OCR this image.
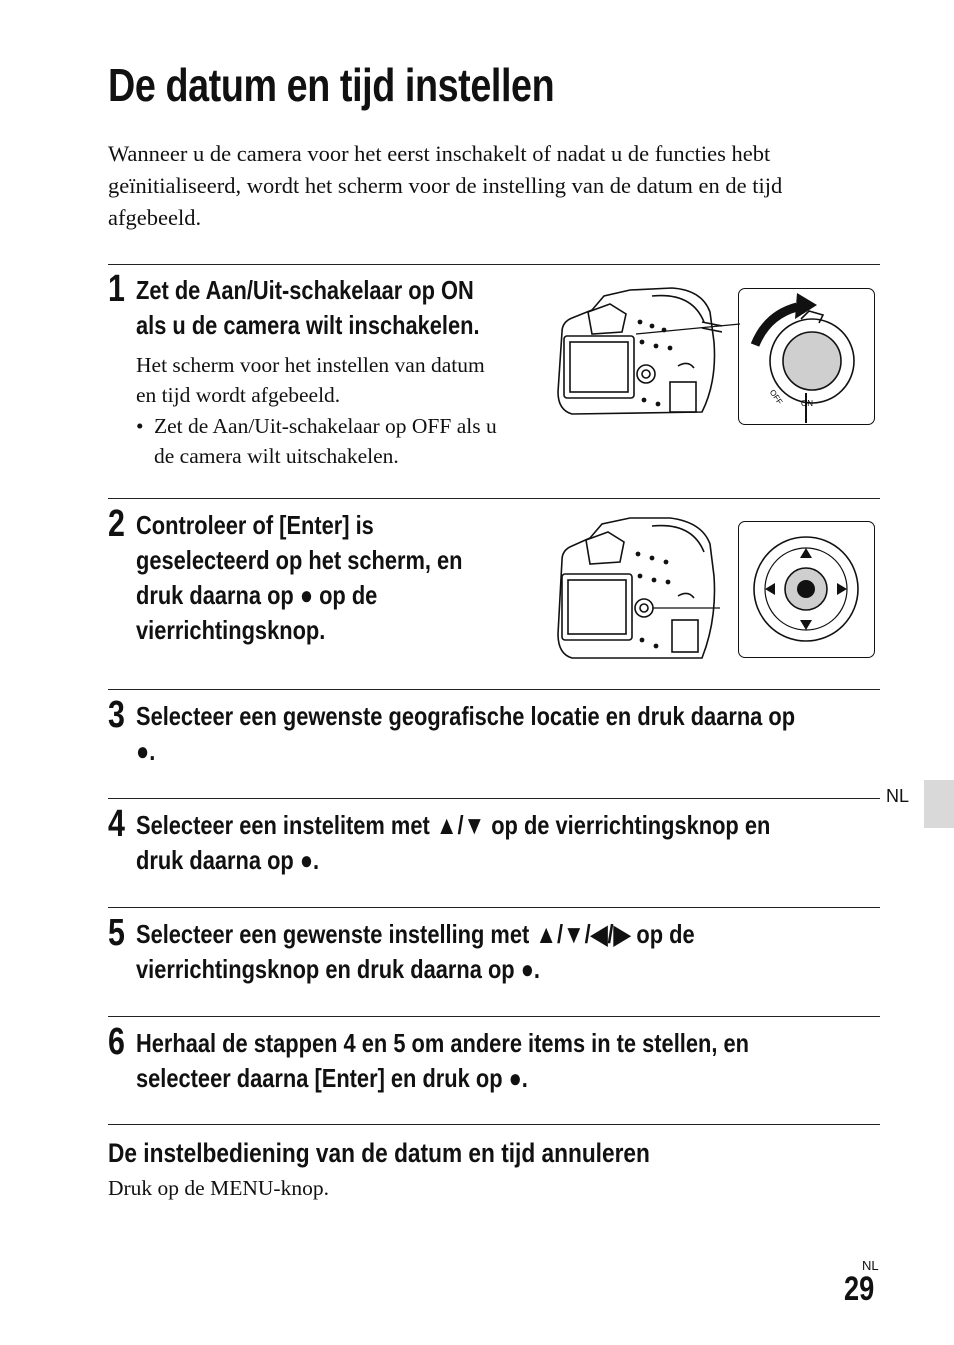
De datum en tijd instellen
Wanneer u de camera voor het eerst inschakelt of nadat u de functies hebt
geïnitialiseerd, wordt het scherm voor de instelling van de datum en de tijd
afgebeeld.
1 Zet de Aan/Uit-schakelaar op ON
als u de camera wilt inschakelen.
Het scherm voor het instellen van datum
en tijd wordt afgebeeld.
• Zet de Aan/Uit-schakelaar op OFF als u
de camera wilt uitschakelen.
OFF ON
2 Controleer of [Enter] is
geselecteerd op het scherm, en
druk daarna op ● op de
vierrichtingsknop.
3 Selecteer een gewenste geografische locatie en druk daarna op
●.
4 Selecteer een instelitem met ▲/▼ op de vierrichtingsknop en
druk daarna op ●.
5 Selecteer een gewenste instelling met ▲/▼/◀/▶ op de
vierrichtingsknop en druk daarna op ●.
6 Herhaal de stappen 4 en 5 om andere items in te stellen, en
selecteer daarna [Enter] en druk op ●.
De instelbediening van de datum en tijd annuleren
Druk op de MENU-knop.
NL
NL
29
